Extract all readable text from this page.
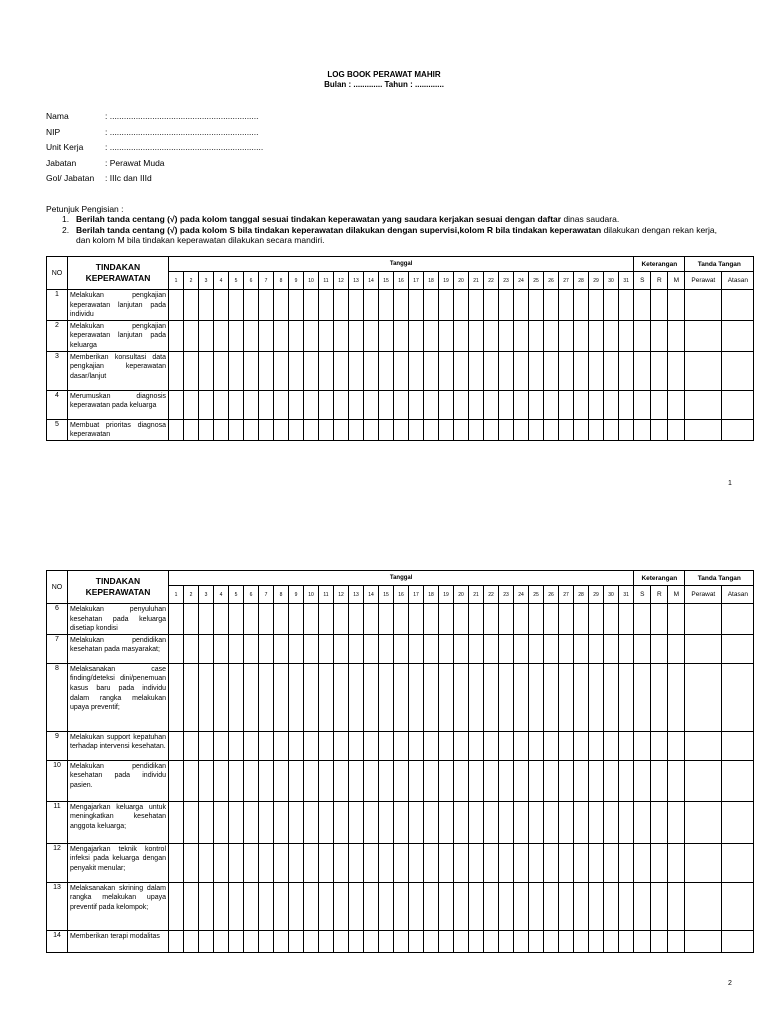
LOG BOOK PERAWAT MAHIR
Bulan : ............. Tahun : .............
Nama	: ...............................................................
NIP	: ...............................................................
Unit Kerja	: .................................................................
Jabatan	: Perawat Muda
Gol/ Jabatan : IIIc dan IIId
Petunjuk Pengisian :
1. Berilah tanda centang (√) pada kolom tanggal sesuai tindakan keperawatan yang saudara kerjakan sesuai dengan daftar dinas saudara.
2. Berilah tanda centang (√) pada kolom S bila tindakan keperawatan dilakukan dengan supervisi,kolom R bila tindakan keperawatan dilakukan dengan rekan kerja,
dan kolom M bila tindakan keperawatan dilakukan secara mandiri.
NO	TINDAKAN KEPERAWATAN	Tanggal																															Keterangan			Tanda Tangan	
		1	2	3	4	5	6	7	8	9	10	11	12	13	14	15	16	17	18	19	20	21	22	23	24	25	26	27	28	29	30	31	S	R	M	Perawat	Atasan

1	Melakukan pengkajian keperawatan lanjutan pada individu																																				
2	Melakukan pengkajian keperawatan lanjutan pada keluarga																																				
3	Memberikan konsultasi data pengkajian keperawatan dasar/lanjut																																				
4	Merumuskan diagnosis keperawatan pada keluarga																																				
5	Membuat prioritas diagnosa keperawatan																																				
1
NO	TINDAKAN KEPERAWATAN	Tanggal																															Keterangan			Tanda Tangan	
		1	2	3	4	5	6	7	8	9	10	11	12	13	14	15	16	17	18	19	20	21	22	23	24	25	26	27	28	29	30	31	S	R	M	Perawat	Atasan

6	Melakukan penyuluhan kesehatan pada keluarga disetiap kondisi																																				
7	Melakukan pendidikan kesehatan pada masyarakat;																																				
8	Melaksanakan case finding/deteksi dini/penemuan kasus baru pada individu dalam rangka melakukan upaya preventif;																																				
9	Melakukan support kepatuhan terhadap intervensi kesehatan.																																				
10	Melakukan pendidikan kesehatan pada individu pasien.																																				
11	Mengajarkan keluarga untuk meningkatkan kesehatan anggota keluarga;																																				
12	Mengajarkan teknik kontrol infeksi pada keluarga dengan penyakit menular;																																				
13	Melaksanakan skrining dalam rangka melakukan upaya preventif pada kelompok;																																				
14	Memberikan terapi modalitas																																				
2
